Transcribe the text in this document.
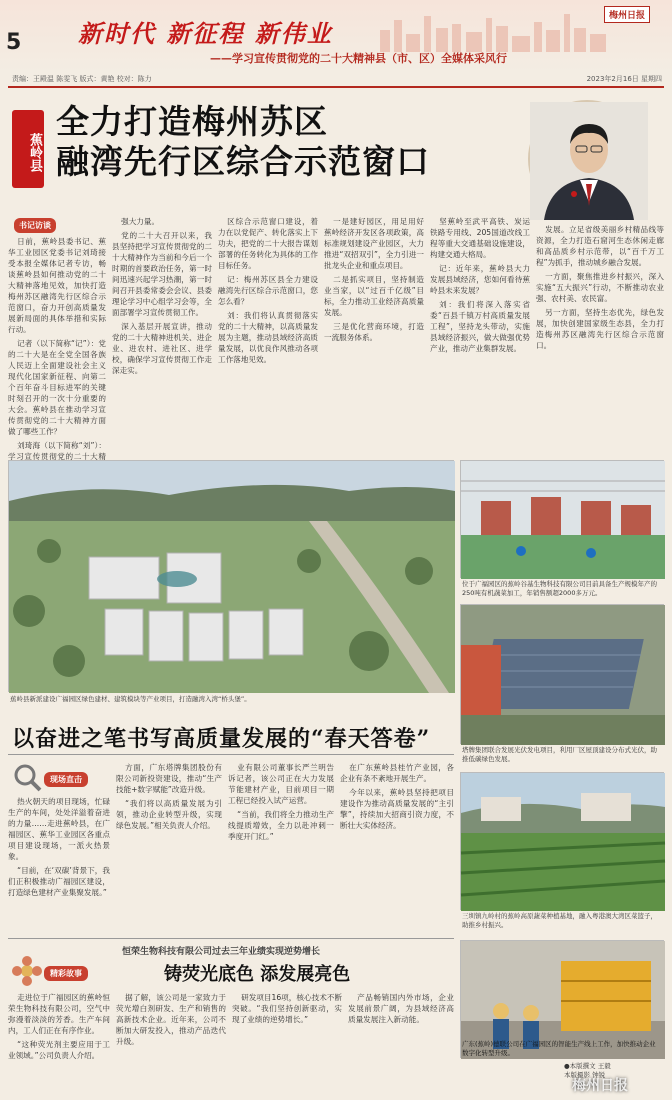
5 新时代 新征程 新伟业
梅州日报
——学习宣传贯彻党的二十大精神县（市、区）全媒体采风行
责编：王殿温 陈雯飞 版式：黄艳 校对：陈力	2023年2月16日 星期四
蕉岭县
全力打造梅州苏区
融湾先行区综合示范窗口
书记访谈

日前，蕉岭县委书记、蕉华工业园区党委书记刘琦接受本报全媒体记者专访，畅谈蕉岭县如何推动党的二十大精神落地见效，加快打造梅州苏区融湾先行区综合示范窗口，奋力开创高质量发展新局面的具体举措和实际行动。

记者（以下简称“记”）：党的二十大是在全党全国各族人民迈上全面建设社会主义现代化国家新征程、向第二个百年奋斗目标进军的关键时刻召开的一次十分重要的大会。蕉岭县在推动学习宣传贯彻党的二十大精神方面做了哪些工作？

刘琦海（以下简称“刘”）：学习宣传贯彻党的二十大精

强大力量。

党的二十大召开以来，我县坚持把学习宣传贯彻党的二十大精神作为当前和今后一个时期的首要政治任务，第一时间迅速兴起学习热潮，第一时间召开县委常委会会议、县委理论学习中心组学习会等，全面部署学习宣传贯彻工作。

深入基层开展宣讲，推动党的二十大精神进机关、进企业、进农村、进社区、进学校，确保学习宣传贯彻工作走深走实。

区综合示范窗口建设，着力在以党促产、转化落实上下功夫，把党的二十大报告谋划部署的任务转化为具体的工作目标任务。

记：梅州苏区县全力建设融湾先行区综合示范窗口，您怎么看？

刘：我们将认真贯彻落实党的二十大精神，以高质量发展为主题，推动县域经济高质量发展，以优良作风推动各项工作落地见效。

一是建好园区，用足用好蕉岭经济开发区各项政策，高标准规划建设产业园区，大力推进“双招双引”，全力引进一批龙头企业和重点项目。

二是抓实项目，坚持制造业当家，以“过百千亿级”目标，全力推动工业经济高质量发展。

三是优化营商环境，打造一流服务体系。

坚蕉岭至武平高铁、炭运铁路专用线、205国道改线工程等重大交通基础设施建设，构建交通大格局。

记：近年来，蕉岭县大力发展县域经济，您如何看待蕉岭县未来发展？

刘：我们将深入落实省委“百县千镇万村高质量发展工程”，坚持龙头带动，实施县域经济振兴，做大做强优势产业，推动产业集群发展。

发展。立足省级美丽乡村精品线等资源，全力打造石窟河生态休闲走廊和高品质乡村示范带，以“百千万工程”为抓手，推动城乡融合发展。

一方面，聚焦推进乡村振兴，深入实施“五大振兴”行动，不断推动农业强、农村美、农民富。

另一方面，坚持生态优先，绿色发展，加快创建国家级生态县，全力打造梅州苏区融湾先行区综合示范窗口。

蕉岭县新派建设广福园区绿色建材、建筑模块等产业项目，打造融湾入湾“桥头堡”。
位于广福园区的蕉岭谷基生物科技有限公司目前具备生产规模年产的250吨有机蔬菜加工，年销售额超2000多万元。
塔牌集团联合发展光伏发电项目，利用厂区屋顶建设分布式光伏，助推低碳绿色发展。
三圳镇九岭村的蕉岭高原蔬菜种植基地，融入粤港澳大湾区菜篮子，助推乡村振兴。
广东(蕉岭)德联公司在广福园区的智能生产线上工作，加快推动企业数字化转型升级。
以奋进之笔书写高质量发展的“春天答卷”
现场直击

热火朝天的项目现场，忙碌生产的车间，处处洋溢着奋进的力量……走进蕉岭县，在广福园区、蕉华工业园区各重点项目建设现场，一派火热景象。

“目前，在‘双碳’背景下，我们正积极推动广福园区建设，打造绿色建材产业集聚发展。”

方面，广东塔牌集团股份有限公司新投资建设，推动“生产技能+数字赋能”改造升级。

“我们将以高质量发展为引领，推动企业转型升级，实现绿色发展。”相关负责人介绍。

业有限公司董事长严兰明告诉记者，该公司正在大力发展节能建材产业，目前项目一期工程已经投入试产运营。

“当前，我们将全力推动生产线提质增效，全力以赴冲刺一季度开门红。”

在广东蕉岭县桂竹产业园，各企业有条不紊地开展生产。

今年以来，蕉岭县坚持把项目建设作为推动高质量发展的“主引擎”，持续加大招商引资力度，不断壮大实体经济。

恒荣生物科技有限公司过去三年业绩实现逆势增长
铸荧光底色 添发展亮色
精彩故事

走进位于广福园区的蕉岭恒荣生物科技有限公司，空气中弥漫着淡淡的芳香。生产车间内，工人们正在有序作业。

“这种荧光剂主要应用于工业领域。”公司负责人介绍。

据了解，该公司是一家致力于荧光增白剂研发、生产和销售的高新技术企业。近年来，公司不断加大研发投入，推动产品迭代升级。

研发项目16项，核心技术不断突破。“我们坚持创新驱动，实现了业绩的逆势增长。”

产品畅销国内外市场，企业发展前景广阔，为县域经济高质量发展注入新动能。

●本版撰文 王毅
本版摄影 钟锐
梅州日报
